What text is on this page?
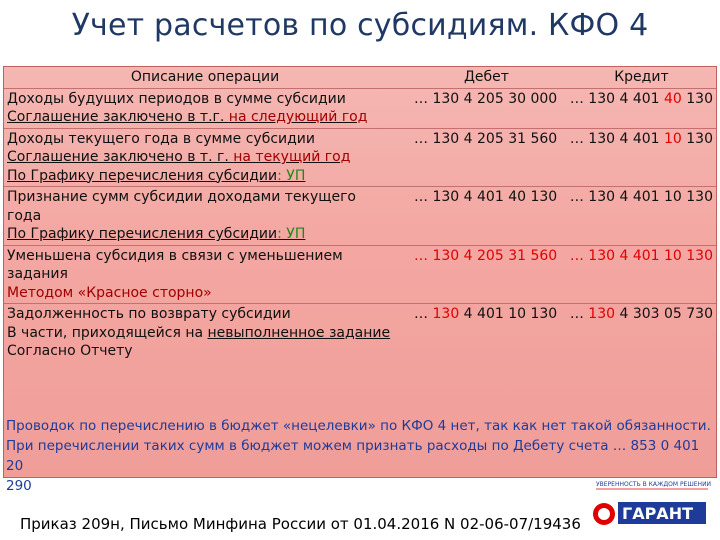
Учет расчетов по субсидиям. КФО 4
Описание операции	Дебет	Кредит

Доходы будущих периодов в сумме субсидии
Соглашение заключено в т.г. на следующий год	… 130 4 205 30 000	… 130 4 401 40 130

Доходы текущего года в сумме субсидии
Соглашение заключено в т. г. на текущий год
По Графику перечисления субсидии: УП	… 130 4 205 31 560	… 130 4 401 10 130

Признание сумм субсидии доходами текущего
года
По Графику перечисления субсидии: УП	… 130 4 401 40 130	… 130 4 401 10 130

Уменьшена субсидия в связи с уменьшением
задания
Методом «Красное сторно»	… 130 4 205 31 560	… 130 4 401 10 130

Задолженность по возврату субсидии
В части, приходящейся на невыполненное задание
Согласно Отчету	… 130 4 401 10 130	… 130 4 303 05 730
Проводок по перечислению в бюджет «нецелевки» по КФО 4 нет, так как нет такой обязанности.
При перечислении таких сумм в бюджет можем признать расходы по Дебету счета … 853 0 401 20
290
Приказ 209н, Письмо Минфина России от 01.04.2016 N 02-06-07/19436
УВЕРЕННОСТЬ В КАЖДОМ РЕШЕНИИ
ГАРАНТ
